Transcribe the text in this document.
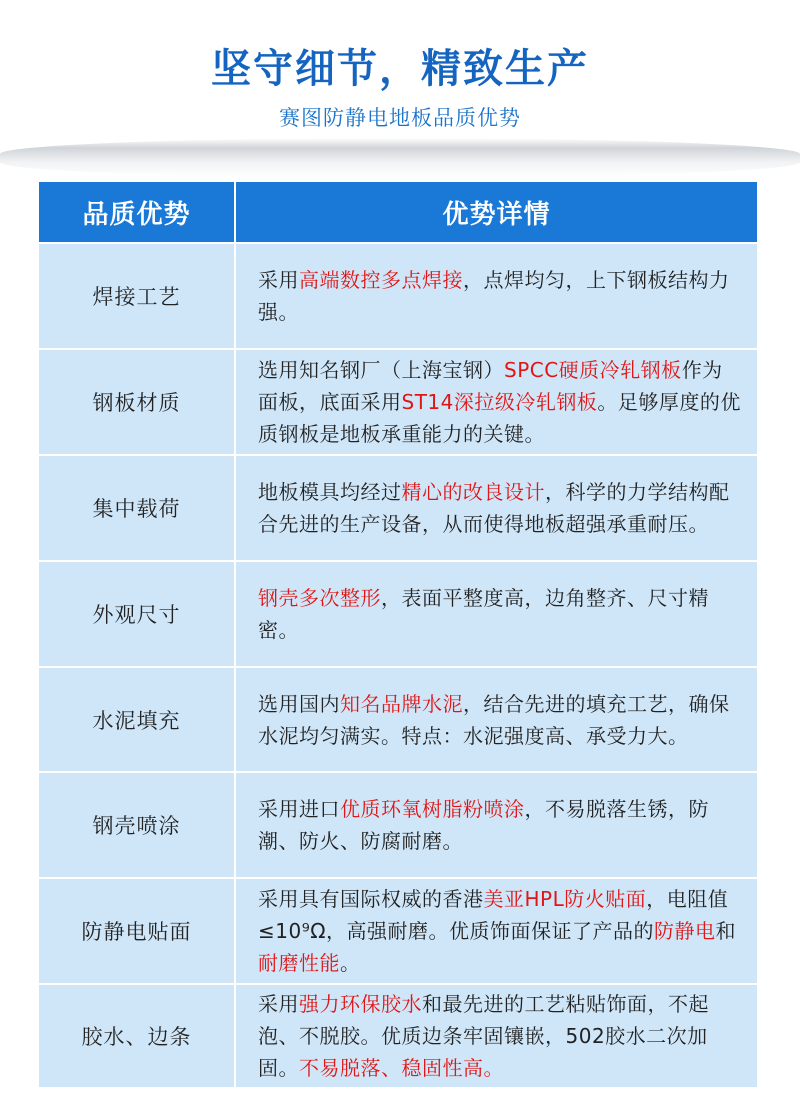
坚守细节，精致生产
赛图防静电地板品质优势
品质优势	优势详情
焊接工艺
采用高端数控多点焊接，点焊均匀，上下钢板结构力强。
钢板材质
选用知名钢厂（上海宝钢）SPCC硬质冷轧钢板作为面板，底面采用ST14深拉级冷轧钢板。足够厚度的优质钢板是地板承重能力的关键。
集中载荷
地板模具均经过精心的改良设计，科学的力学结构配合先进的生产设备，从而使得地板超强承重耐压。
外观尺寸
钢壳多次整形，表面平整度高，边角整齐、尺寸精密。
水泥填充
选用国内知名品牌水泥，结合先进的填充工艺，确保水泥均匀满实。特点：水泥强度高、承受力大。
钢壳喷涂
采用进口优质环氧树脂粉喷涂，不易脱落生锈，防潮、防火、防腐耐磨。
防静电贴面
采用具有国际权威的香港美亚HPL防火贴面，电阻值≤10⁹Ω，高强耐磨。优质饰面保证了产品的防静电和耐磨性能。
胶水、边条
采用强力环保胶水和最先进的工艺粘贴饰面，不起泡、不脱胶。优质边条牢固镶嵌，502胶水二次加固。不易脱落、稳固性高。
